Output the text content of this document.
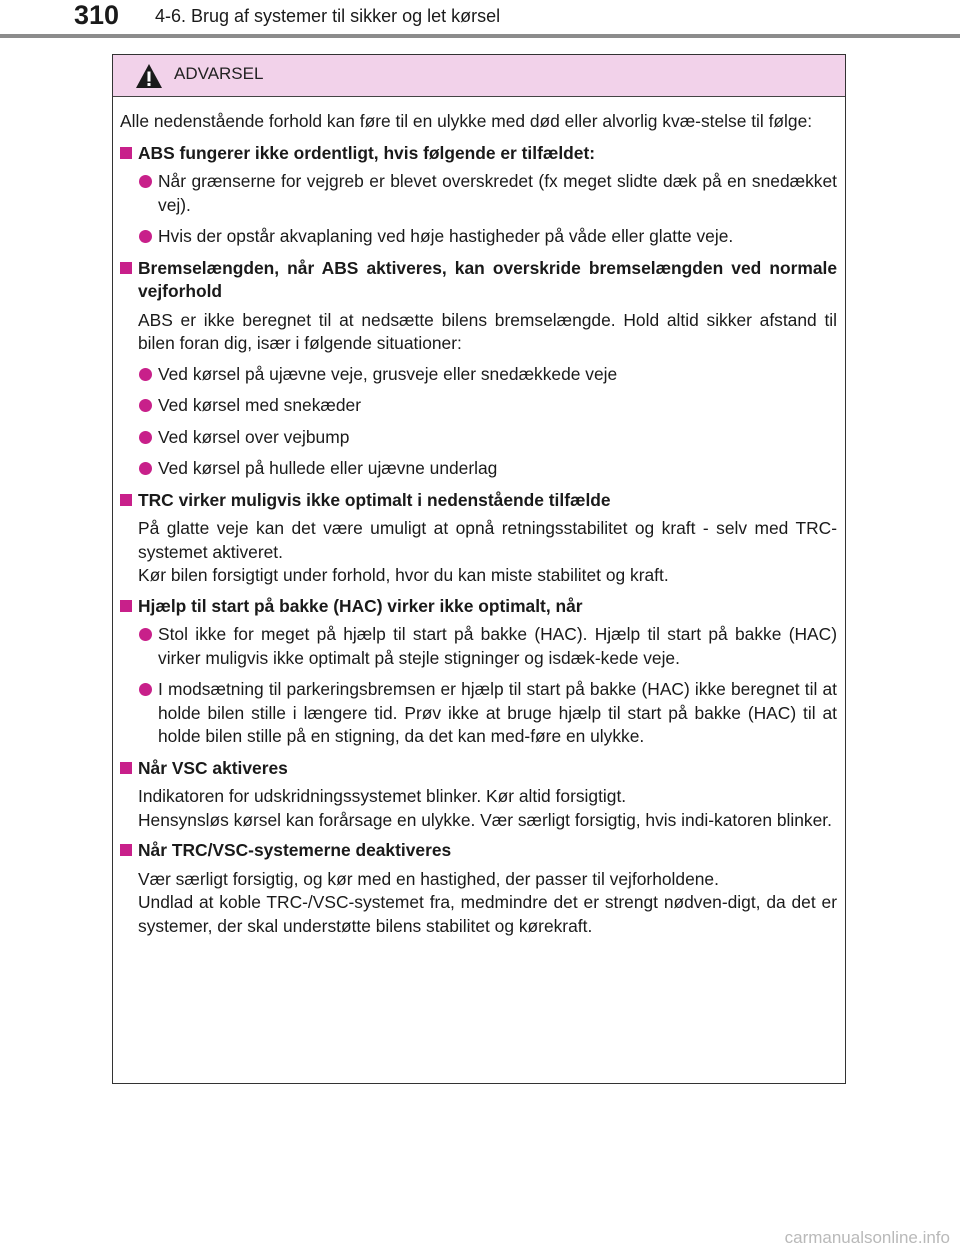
310 4-6. Brug af systemer til sikker og let kørsel
ADVARSEL

Alle nedenstående forhold kan føre til en ulykke med død eller alvorlig kvæ-stelse til følge:

ABS fungerer ikke ordentligt, hvis følgende er tilfældet:
Når grænserne for vejgreb er blevet overskredet (fx meget slidte dæk på en snedækket vej).
Hvis der opstår akvaplaning ved høje hastigheder på våde eller glatte veje.
Bremselængden, når ABS aktiveres, kan overskride bremselængden ved normale vejforhold

ABS er ikke beregnet til at nedsætte bilens bremselængde. Hold altid sikker afstand til bilen foran dig, især i følgende situationer:

Ved kørsel på ujævne veje, grusveje eller snedækkede veje
Ved kørsel med snekæder
Ved kørsel over vejbump
Ved kørsel på hullede eller ujævne underlag
TRC virker muligvis ikke optimalt i nedenstående tilfælde

På glatte veje kan det være umuligt at opnå retningsstabilitet og kraft - selv med TRC-systemet aktiveret.

Kør bilen forsigtigt under forhold, hvor du kan miste stabilitet og kraft.

Hjælp til start på bakke (HAC) virker ikke optimalt, når
Stol ikke for meget på hjælp til start på bakke (HAC). Hjælp til start på bakke (HAC) virker muligvis ikke optimalt på stejle stigninger og isdæk-kede veje.
I modsætning til parkeringsbremsen er hjælp til start på bakke (HAC) ikke beregnet til at holde bilen stille i længere tid. Prøv ikke at bruge hjælp til start på bakke (HAC) til at holde bilen stille på en stigning, da det kan med-føre en ulykke.
Når VSC aktiveres

Indikatoren for udskridningssystemet blinker. Kør altid forsigtigt.

Hensynsløs kørsel kan forårsage en ulykke. Vær særligt forsigtig, hvis indi-katoren blinker.

Når TRC/VSC-systemerne deaktiveres

Vær særligt forsigtig, og kør med en hastighed, der passer til vejforholdene.

Undlad at koble TRC-/VSC-systemet fra, medmindre det er strengt nødven-digt, da det er systemer, der skal understøtte bilens stabilitet og kørekraft.

carmanualsonline.info
